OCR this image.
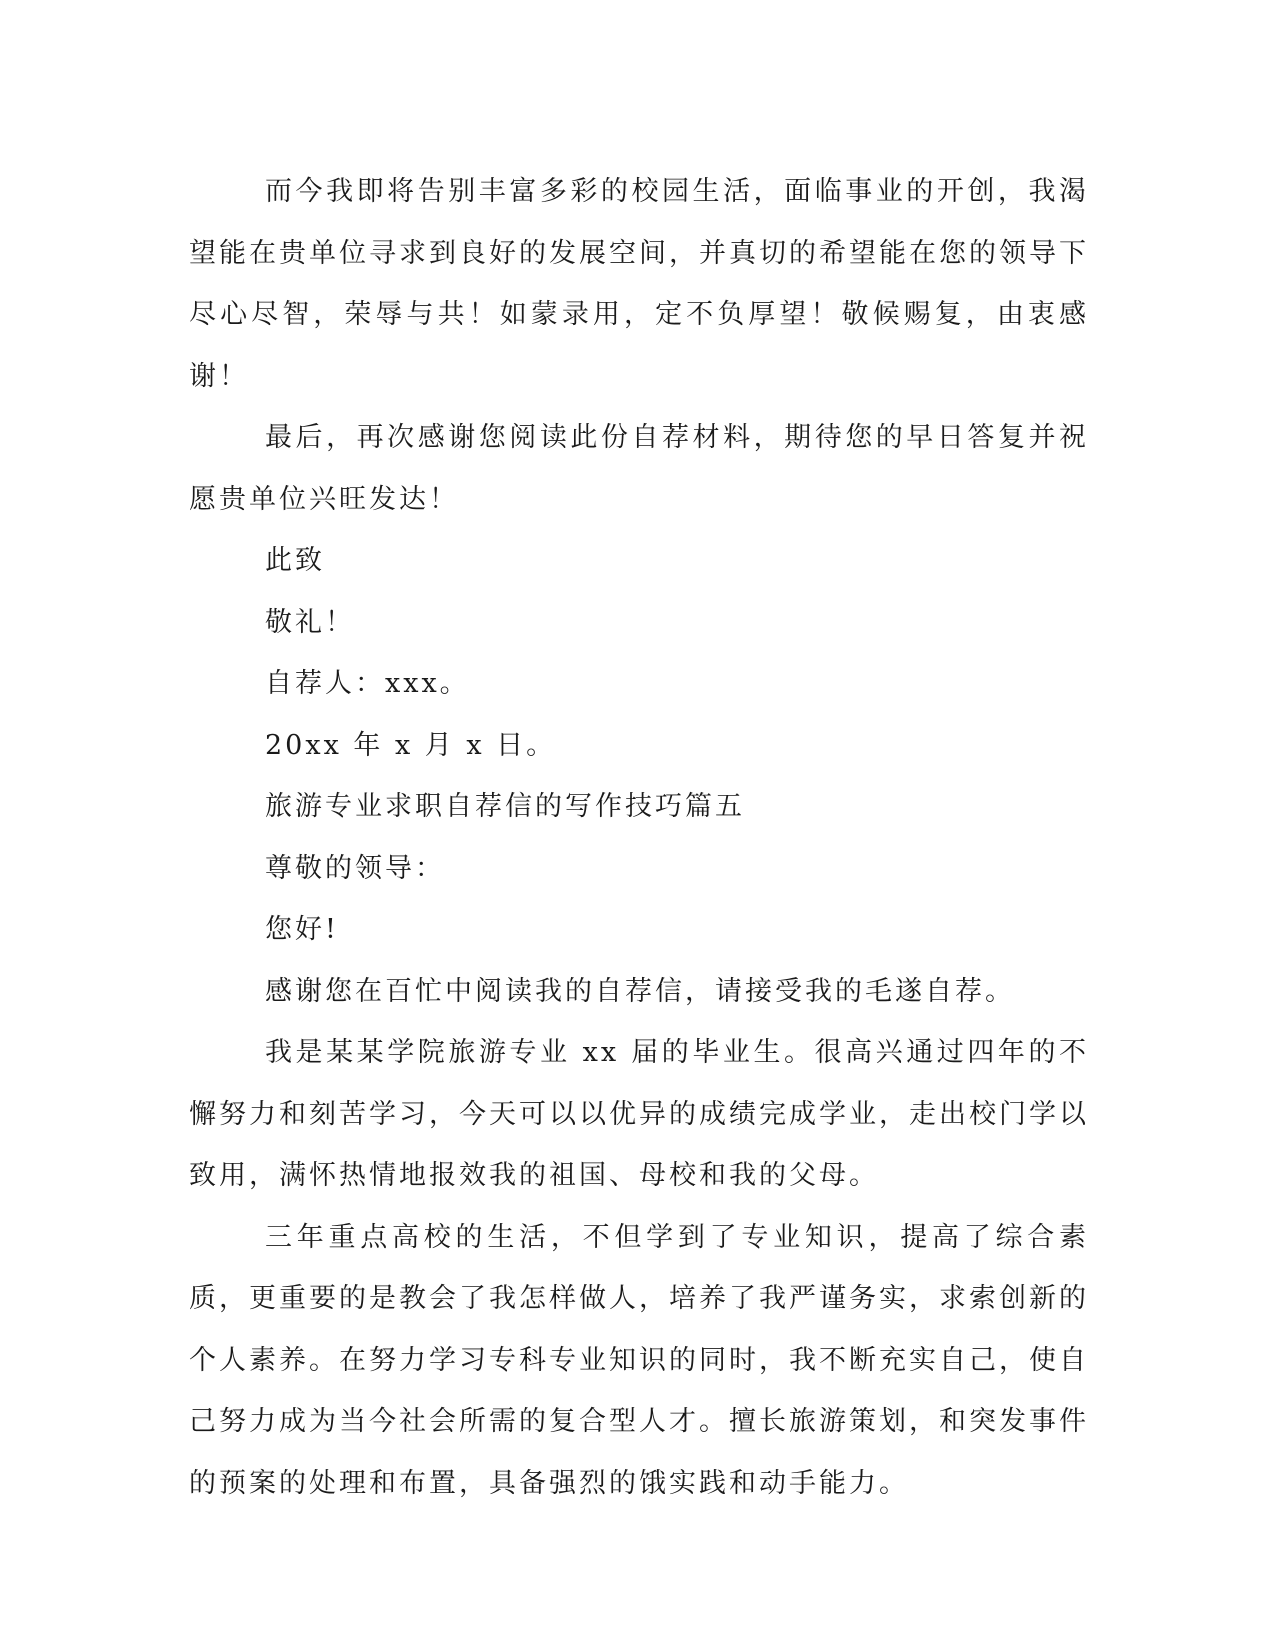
而今我即将告别丰富多彩的校园生活，面临事业的开创，我渴望能在贵单位寻求到良好的发展空间，并真切的希望能在您的领导下尽心尽智，荣辱与共！如蒙录用，定不负厚望！敬候赐复，由衷感谢！

最后，再次感谢您阅读此份自荐材料，期待您的早日答复并祝愿贵单位兴旺发达！

此致

敬礼！

自荐人：xxx。

20xx 年 x 月 x 日。

旅游专业求职自荐信的写作技巧篇五

尊敬的领导：

您好!

感谢您在百忙中阅读我的自荐信，请接受我的毛遂自荐。

我是某某学院旅游专业 xx 届的毕业生。很高兴通过四年的不懈努力和刻苦学习，今天可以以优异的成绩完成学业，走出校门学以致用，满怀热情地报效我的祖国、母校和我的父母。

三年重点高校的生活，不但学到了专业知识，提高了综合素质，更重要的是教会了我怎样做人，培养了我严谨务实，求索创新的个人素养。在努力学习专科专业知识的同时，我不断充实自己，使自己努力成为当今社会所需的复合型人才。擅长旅游策划，和突发事件的预案的处理和布置，具备强烈的饿实践和动手能力。
